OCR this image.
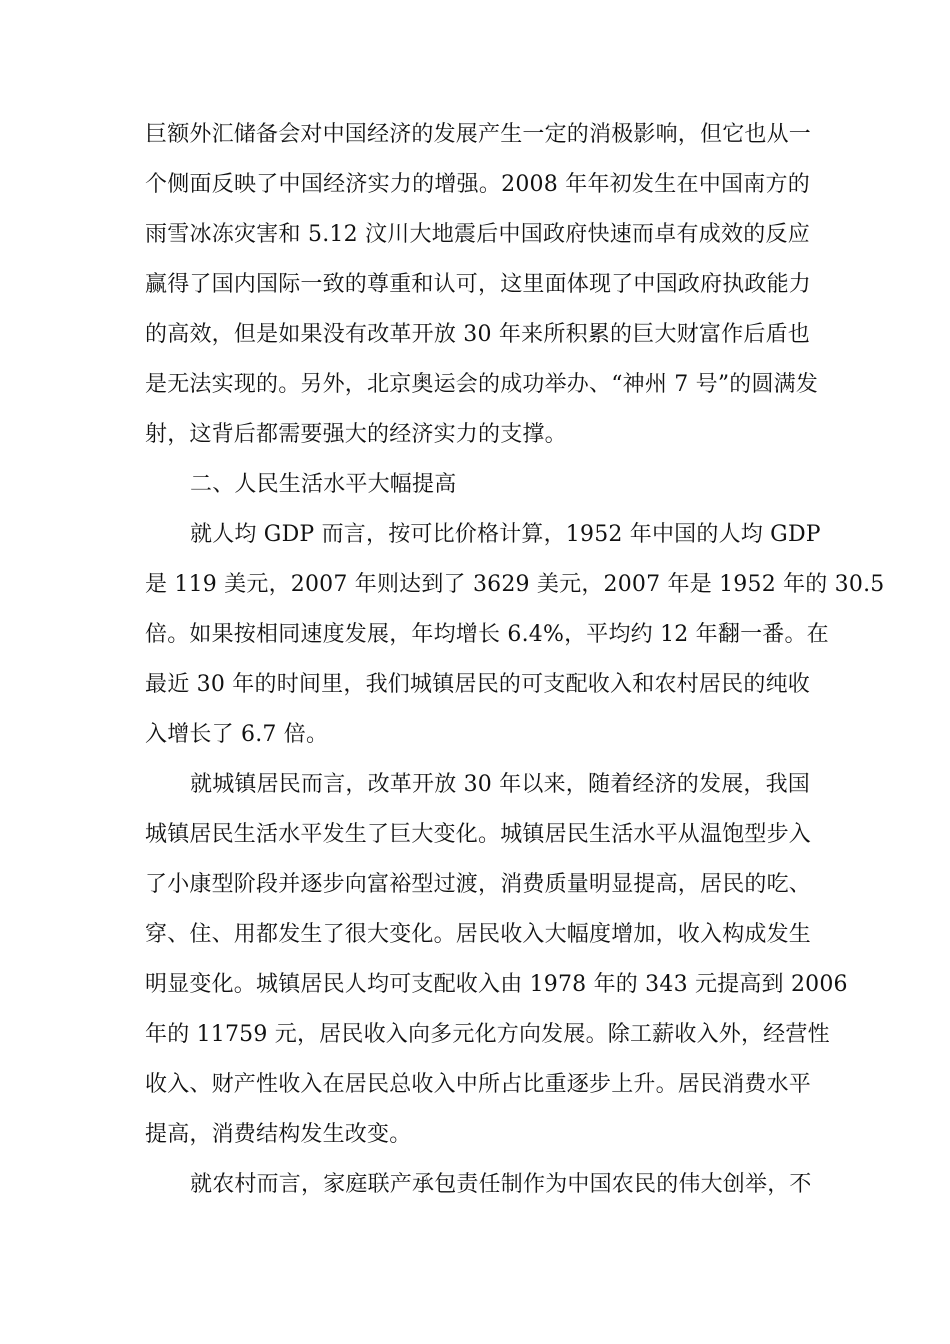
巨额外汇储备会对中国经济的发展产生一定的消极影响，但它也从一
个侧面反映了中国经济实力的增强。2008 年年初发生在中国南方的
雨雪冰冻灾害和 5.12 汶川大地震后中国政府快速而卓有成效的反应
赢得了国内国际一致的尊重和认可，这里面体现了中国政府执政能力
的高效，但是如果没有改革开放 30 年来所积累的巨大财富作后盾也
是无法实现的。另外，北京奥运会的成功举办、“神州 7 号”的圆满发
射，这背后都需要强大的经济实力的支撑。
二、人民生活水平大幅提高
就人均 GDP 而言，按可比价格计算，1952 年中国的人均 GDP
是 119 美元，2007 年则达到了 3629 美元，2007 年是 1952 年的 30.5
倍。如果按相同速度发展，年均增长 6.4%，平均约 12 年翻一番。在
最近 30 年的时间里，我们城镇居民的可支配收入和农村居民的纯收
入增长了 6.7 倍。
就城镇居民而言，改革开放 30 年以来，随着经济的发展，我国
城镇居民生活水平发生了巨大变化。城镇居民生活水平从温饱型步入
了小康型阶段并逐步向富裕型过渡，消费质量明显提高，居民的吃、
穿、住、用都发生了很大变化。居民收入大幅度增加，收入构成发生
明显变化。城镇居民人均可支配收入由 1978 年的 343 元提高到 2006
年的 11759 元，居民收入向多元化方向发展。除工薪收入外，经营性
收入、财产性收入在居民总收入中所占比重逐步上升。居民消费水平
提高，消费结构发生改变。
就农村而言，家庭联产承包责任制作为中国农民的伟大创举，不
